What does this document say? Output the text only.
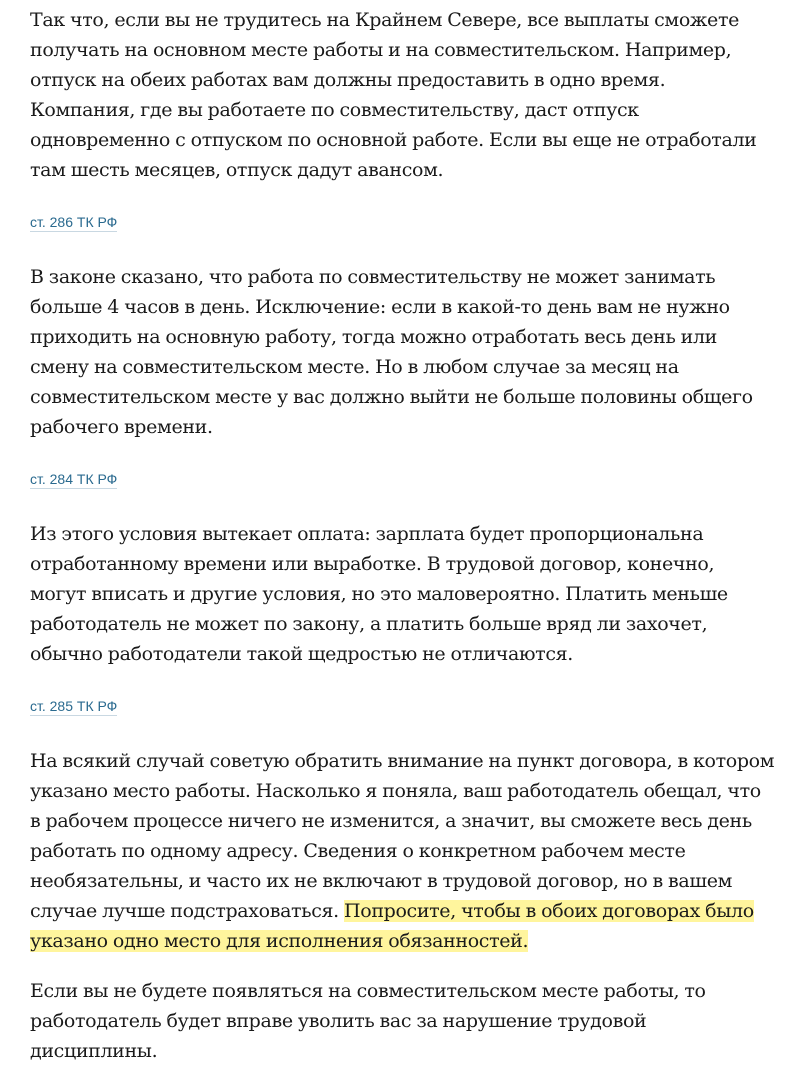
Так что, если вы не трудитесь на Крайнем Севере, все выплаты сможете получать на основном месте работы и на совместительском. Например, отпуск на обеих работах вам должны предоставить в одно время. Компания, где вы работаете по совместительству, даст отпуск одновременно с отпуском по основной работе. Если вы еще не отработали там шесть месяцев, отпуск дадут авансом.

ст. 286 ТК РФ

В законе сказано, что работа по совместительству не может занимать больше 4 часов в день. Исключение: если в какой-то день вам не нужно приходить на основную работу, тогда можно отработать весь день или смену на совместительском месте. Но в любом случае за месяц на совместительском месте у вас должно выйти не больше половины общего рабочего времени.

ст. 284 ТК РФ

Из этого условия вытекает оплата: зарплата будет пропорциональна отработанному времени или выработке. В трудовой договор, конечно, могут вписать и другие условия, но это маловероятно. Платить меньше работодатель не может по закону, а платить больше вряд ли захочет, обычно работодатели такой щедростью не отличаются.

ст. 285 ТК РФ

На всякий случай советую обратить внимание на пункт договора, в котором указано место работы. Насколько я поняла, ваш работодатель обещал, что в рабочем процессе ничего не изменится, а значит, вы сможете весь день работать по одному адресу. Сведения о конкретном рабочем месте необязательны, и часто их не включают в трудовой договор, но в вашем случае лучше подстраховаться. Попросите, чтобы в обоих договорах было указано одно место для исполнения обязанностей.

Если вы не будете появляться на совместительском месте работы, то работодатель будет вправе уволить вас за нарушение трудовой дисциплины.
